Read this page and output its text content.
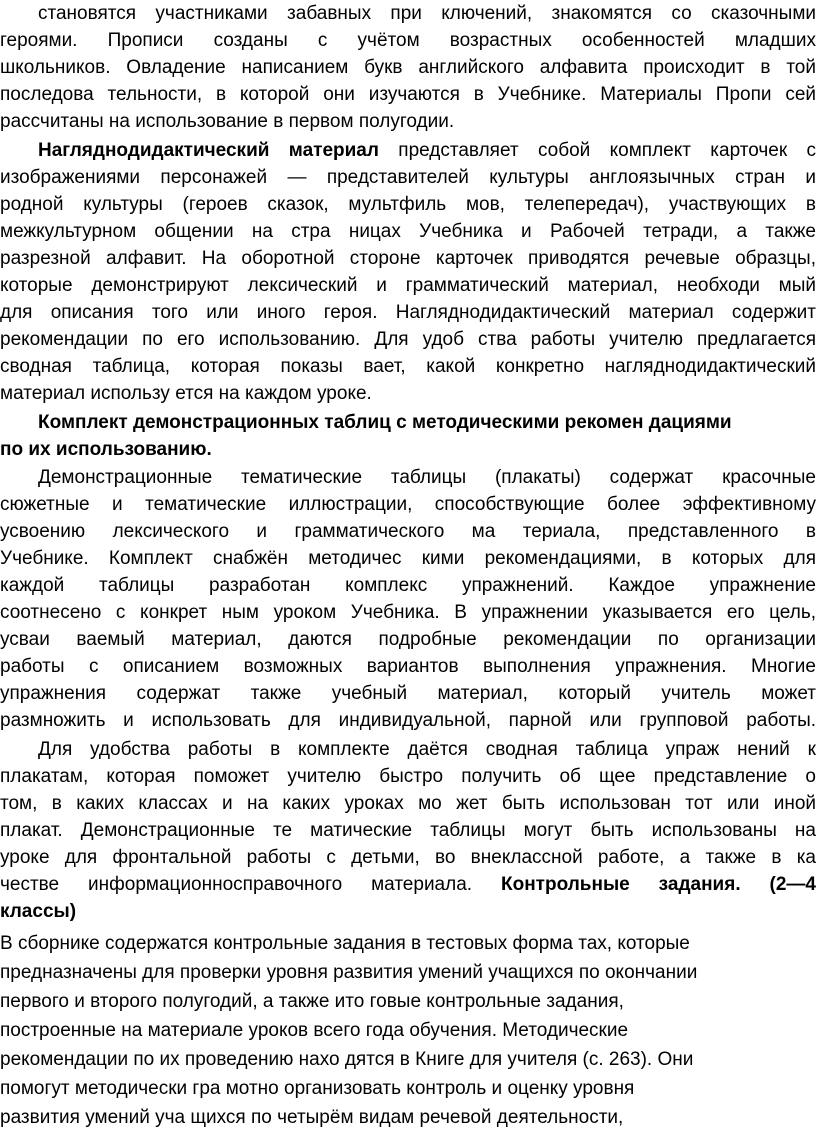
становятся участниками забавных при ключений, знакомятся со сказочными
героями. Прописи созданы с учётом возрастных особенностей младших
школьников. Овладение написанием букв английского алфавита происходит в той
последова тельности, в которой они изучаются в Учебнике. Материалы Пропи сей
рассчитаны на использование в первом полугодии.
Нагляднодидактический материал представляет собой комплект карточек с
изображениями персонажей — представителей культуры англоязычных стран и
родной культуры (героев сказок, мультфиль мов, телепередач), участвующих в
межкультурном общении на стра ницах Учебника и Рабочей тетради, а также
разрезной алфавит. На оборотной стороне карточек приводятся речевые образцы,
которые демонстрируют лексический и грамматический материал, необходи мый
для описания того или иного героя. Нагляднодидактический материал содержит
рекомендации по его использованию. Для удоб ства работы учителю предлагается
сводная таблица, которая показы вает, какой конкретно нагляднодидактический
материал использу ется на каждом уроке.
Комплект демонстрационных таблиц с методическими рекомен дациями
по их использованию.
Демонстрационные тематические таблицы (плакаты) содержат красочные
сюжетные и тематические иллюстрации, способствующие более эффективному
усвоению лексического и грамматического ма териала, представленного в
Учебнике. Комплект снабжён методичес кими рекомендациями, в которых для
каждой таблицы разработан комплекс упражнений. Каждое упражнение
соотнесено с конкрет ным уроком Учебника. В упражнении указывается его цель,
усваи ваемый материал, даются подробные рекомендации по организации
работы с описанием возможных вариантов выполнения упражнения. Многие
упражнения содержат также учебный материал, который учитель может
размножить и использовать для индивидуальной, парной или групповой работы.
Для удобства работы в комплекте даётся сводная таблица упраж нений к
плакатам, которая поможет учителю быстро получить об щее представление о
том, в каких классах и на каких уроках мо жет быть использован тот или иной
плакат. Демонстрационные те матические таблицы могут быть использованы на
уроке для фронтальной работы с детьми, во внеклассной работе, а также в ка
честве информационносправочного материала. Контрольные задания. (2—4
классы)
В сборнике содержатся контрольные задания в тестовых форма тах, которые
предназначены для проверки уровня развития умений учащихся по окончании
первого и второго полугодий, а также ито говые контрольные задания,
построенные на материале уроков всего года обучения. Методические
рекомендации по их проведению нахо дятся в Книге для учителя (с. 263). Они
помогут методически гра мотно организовать контроль и оценку уровня
развития умений уча щихся по четырём видам речевой деятельности,
